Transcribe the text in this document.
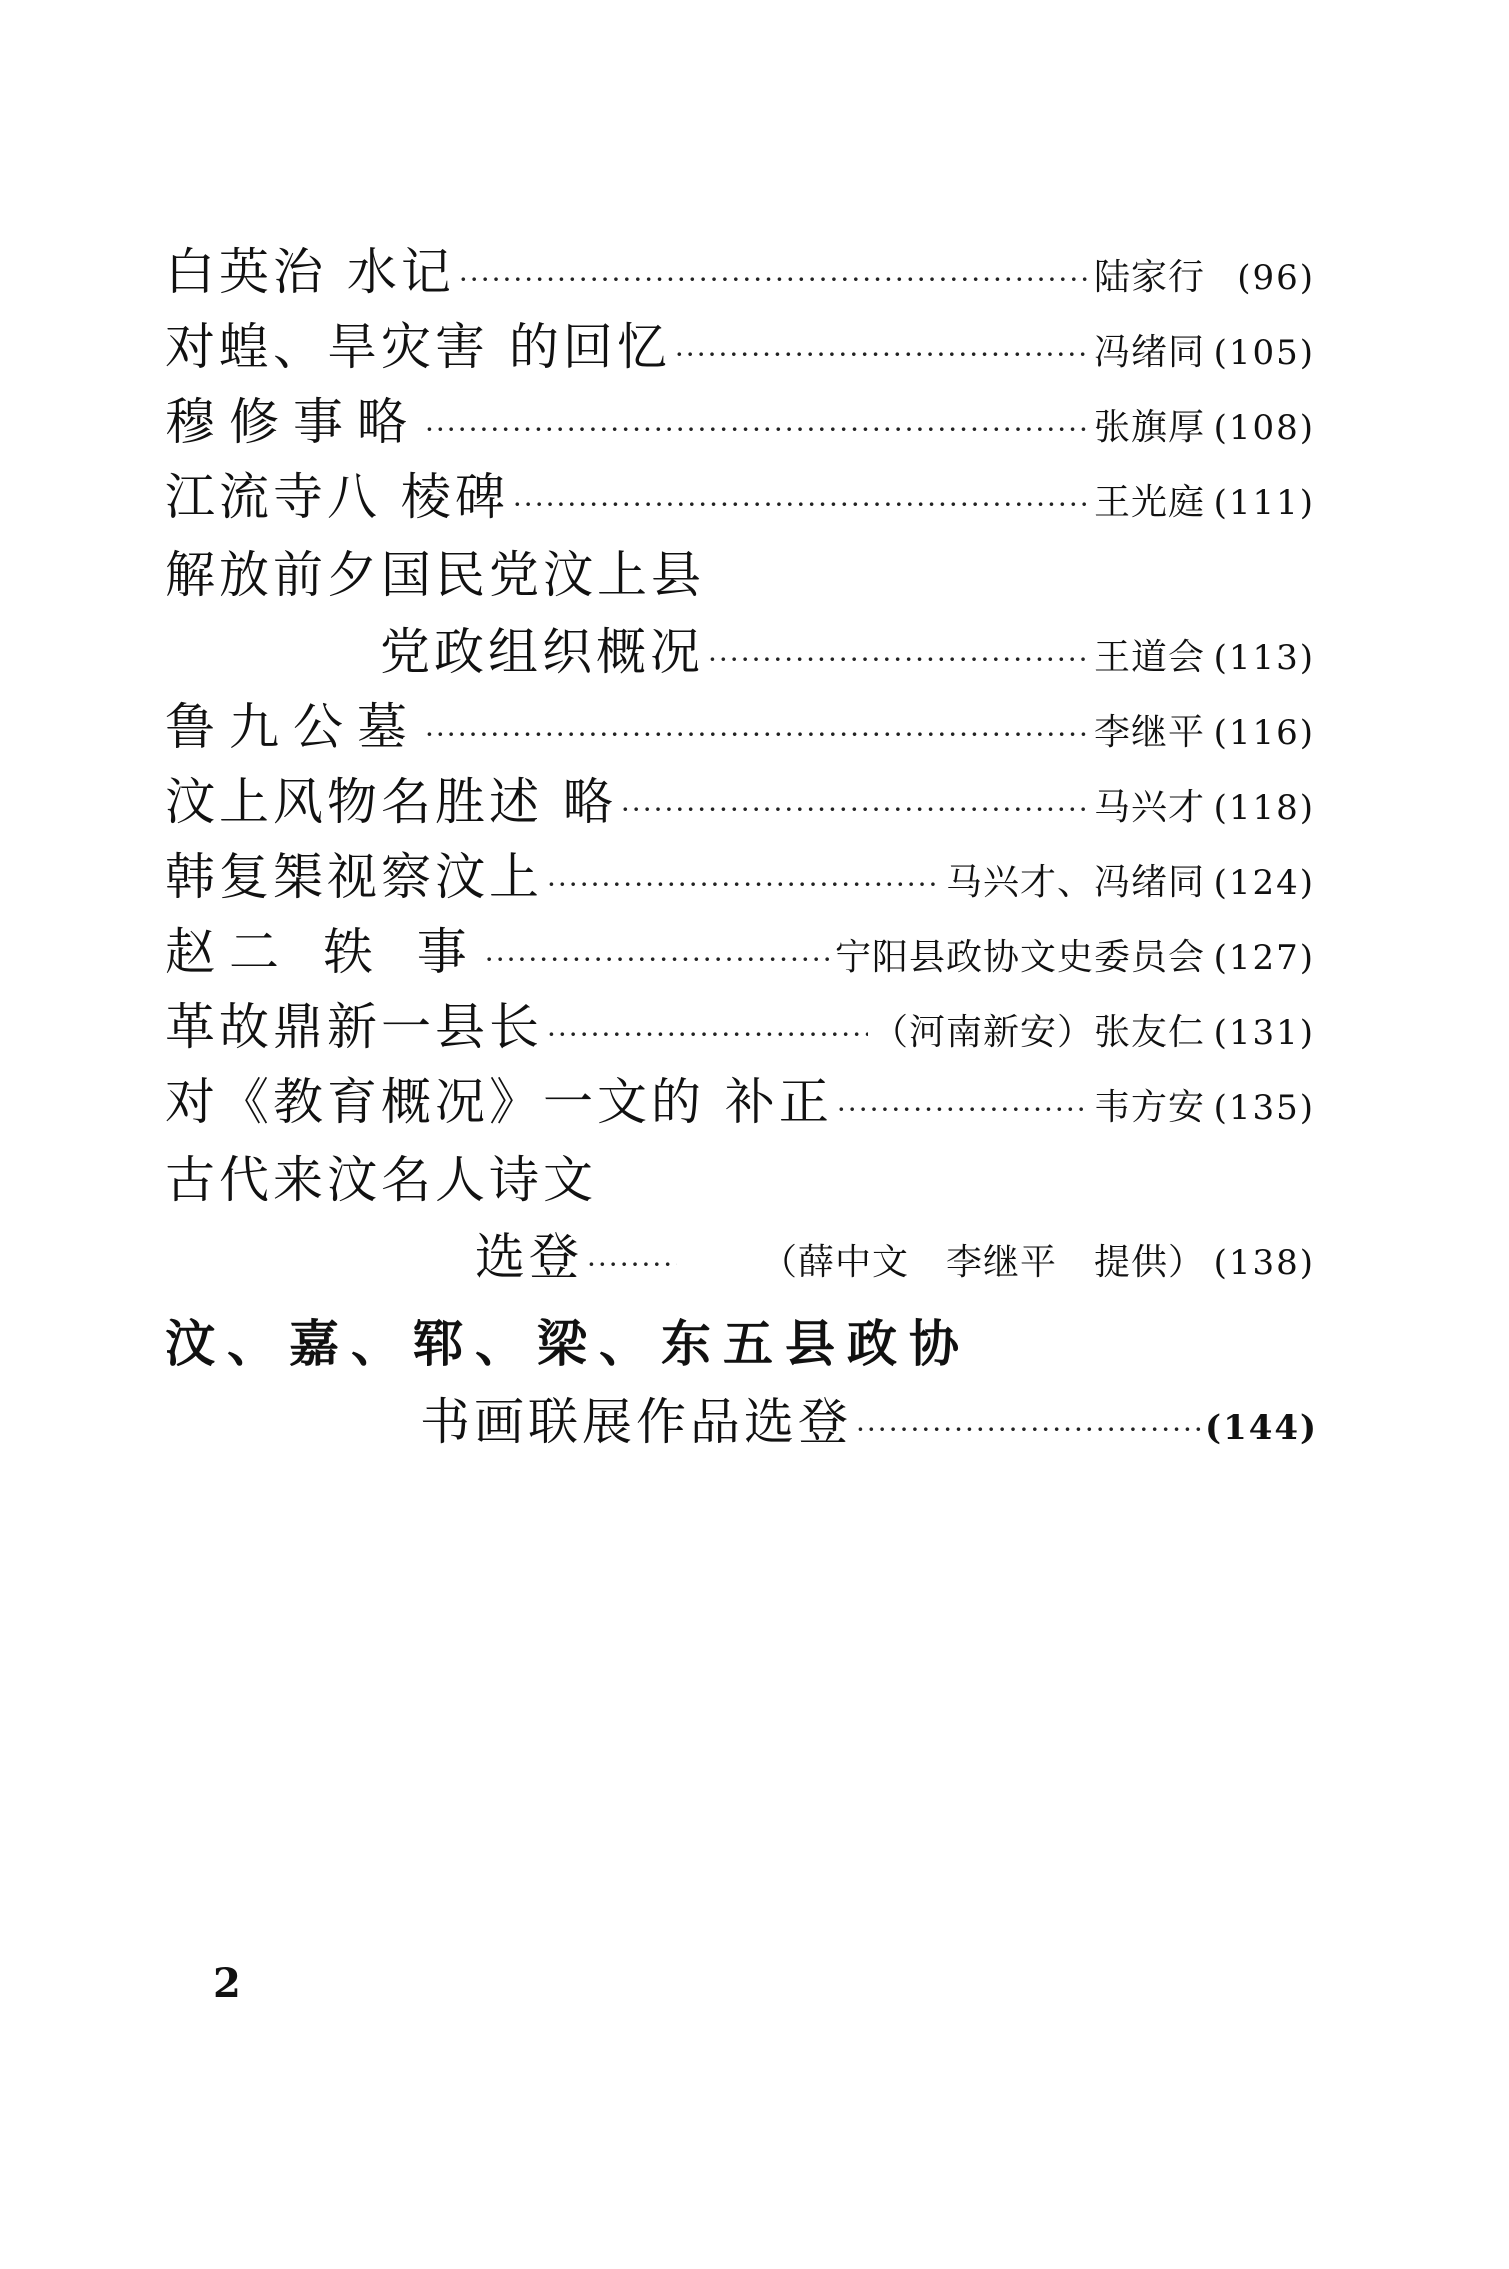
白英治 水记 ·····	陆家行 (96)
对蝗、旱灾害 的回忆 ·····	冯绪同 (105)
穆修事略 ·····	张旗厚 (108)
江流寺八 棱碑 ·····	王光庭 (111)
解放前夕国民党汶上县
党政组织概况 ·····	王道会 (113)
鲁九公墓 ·····	李继平 (116)
汶上风物名胜述 略 ·····	马兴才 (118)
韩复榘视察汶上 ·····	马兴才、冯绪同 (124)
赵二 轶 事 ·····	宁阳县政协文史委员会 (127)
革故鼎新一县长 ·····	（河南新安）张友仁 (131)
对《教育概况》一文的 补正 ·····	韦方安 (135)
古代来汶名人诗文
选登 ·····	（薛中文　李继平　提供） (138)
汶、嘉、郓、梁、东五县政协
书画联展作品选登 ·····	(144)
2
